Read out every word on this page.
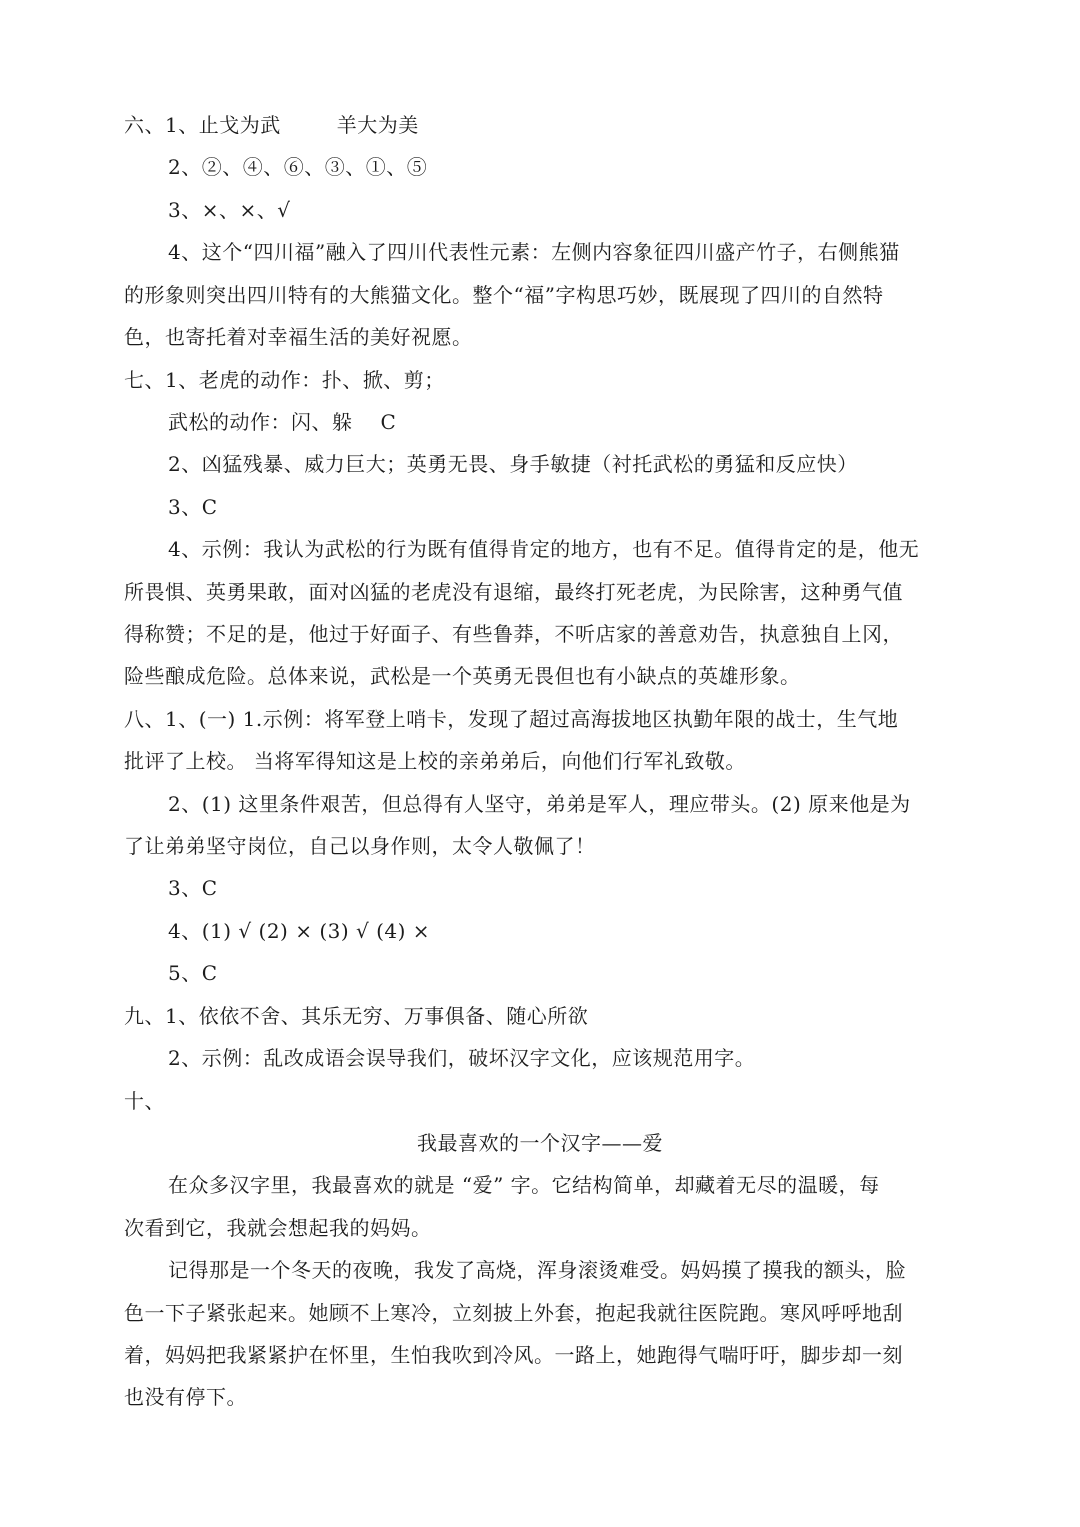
六、1、止戈为武	羊大为美
2、②、④、⑥、③、①、⑤
3、×、×、√
4、这个“四川福”融入了四川代表性元素：左侧内容象征四川盛产竹子，右侧熊猫
的形象则突出四川特有的大熊猫文化。整个“福”字构思巧妙，既展现了四川的自然特
色，也寄托着对幸福生活的美好祝愿。
七、1、老虎的动作：扑、掀、剪；
武松的动作：闪、躲 C
2、凶猛残暴、威力巨大；英勇无畏、身手敏捷（衬托武松的勇猛和反应快）
3、C
4、示例：我认为武松的行为既有值得肯定的地方，也有不足。值得肯定的是，他无
所畏惧、英勇果敢，面对凶猛的老虎没有退缩，最终打死老虎，为民除害，这种勇气值
得称赞；不足的是，他过于好面子、有些鲁莽，不听店家的善意劝告，执意独自上冈，
险些酿成危险。总体来说，武松是一个英勇无畏但也有小缺点的英雄形象。
八、1、(一) 1.示例：将军登上哨卡，发现了超过高海拔地区执勤年限的战士，生气地
批评了上校。 当将军得知这是上校的亲弟弟后，向他们行军礼致敬。
2、(1) 这里条件艰苦，但总得有人坚守，弟弟是军人，理应带头。(2) 原来他是为
了让弟弟坚守岗位，自己以身作则，太令人敬佩了！
3、C
4、(1) √ (2) × (3) √ (4) ×
5、C
九、1、依依不舍、其乐无穷、万事俱备、随心所欲
2、示例：乱改成语会误导我们，破坏汉字文化，应该规范用字。
十、
我最喜欢的一个汉字——爱
在众多汉字里，我最喜欢的就是 “爱” 字。它结构简单，却藏着无尽的温暖，每
次看到它，我就会想起我的妈妈。
记得那是一个冬天的夜晚，我发了高烧，浑身滚烫难受。妈妈摸了摸我的额头，脸
色一下子紧张起来。她顾不上寒冷，立刻披上外套，抱起我就往医院跑。寒风呼呼地刮
着，妈妈把我紧紧护在怀里，生怕我吹到冷风。一路上，她跑得气喘吁吁，脚步却一刻
也没有停下。
